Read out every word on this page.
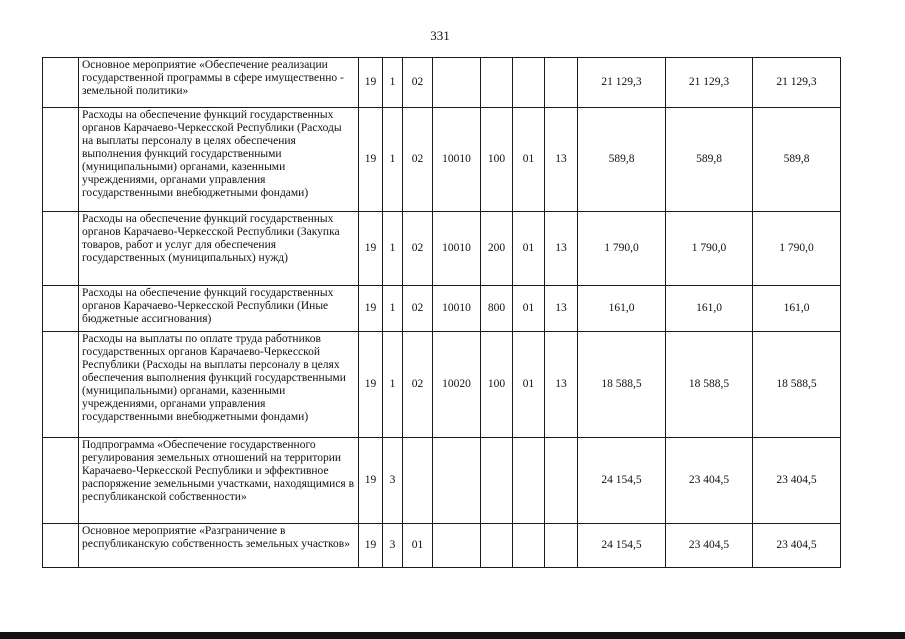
331
	Основное мероприятие «Обеспечение реализации государственной программы в сфере имущественно - земельной политики»	19	1	02					21 129,3	21 129,3	21 129,3
	Расходы на обеспечение функций государственных органов Карачаево-Черкесской Республики (Расходы на выплаты персоналу в целях обеспечения выполнения функций государственными (муниципальными) органами, казенными учреждениями, органами управления государственными внебюджетными фондами)	19	1	02	10010	100	01	13	589,8	589,8	589,8
	Расходы на обеспечение функций государственных органов Карачаево-Черкесской Республики (Закупка товаров, работ и услуг для обеспечения государственных (муниципальных) нужд)	19	1	02	10010	200	01	13	1 790,0	1 790,0	1 790,0
	Расходы на обеспечение функций государственных органов Карачаево-Черкесской Республики (Иные бюджетные ассигнования)	19	1	02	10010	800	01	13	161,0	161,0	161,0
	Расходы на выплаты по оплате труда работников государственных органов Карачаево-Черкесской Республики (Расходы на выплаты персоналу в целях обеспечения выполнения функций государственными (муниципальными) органами, казенными учреждениями, органами управления государственными внебюджетными фондами)	19	1	02	10020	100	01	13	18 588,5	18 588,5	18 588,5
	Подпрограмма «Обеспечение государственного регулирования земельных отношений на территории Карачаево-Черкесской Республики и эффективное распоряжение земельными участками, находящимися в республиканской собственности»	19	3						24 154,5	23 404,5	23 404,5
	Основное мероприятие «Разграничение в республиканскую собственность земельных участков»	19	3	01					24 154,5	23 404,5	23 404,5
